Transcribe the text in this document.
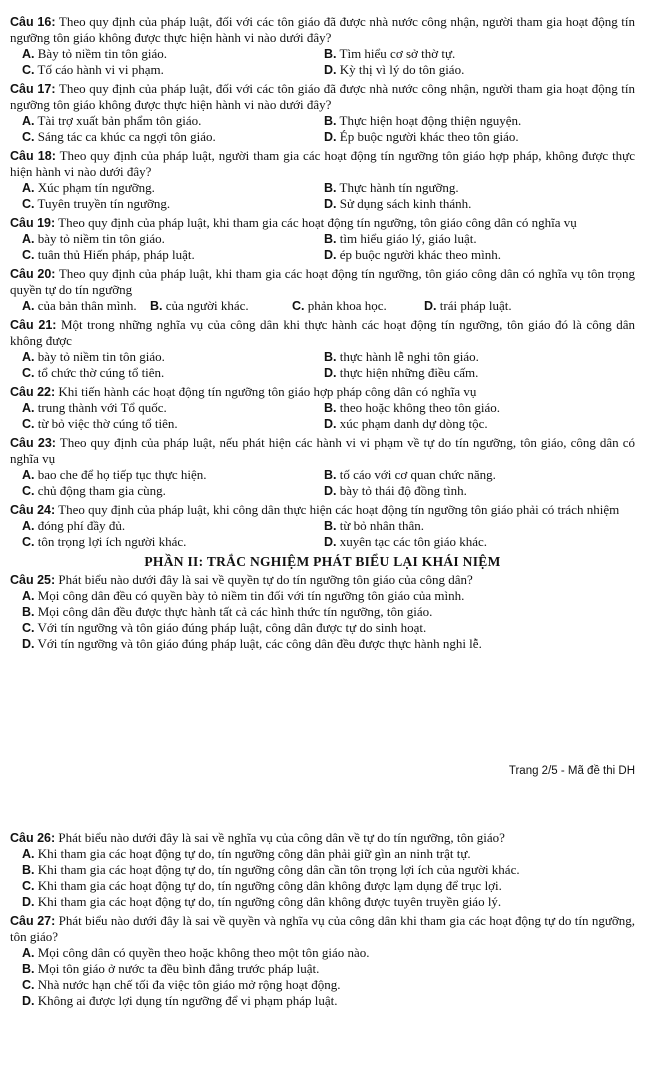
Câu 16: Theo quy định của pháp luật, đối với các tôn giáo đã được nhà nước công nhận, người tham gia hoạt động tín ngưỡng tôn giáo không được thực hiện hành vi nào dưới đây?

A. Bày tỏ niềm tin tôn giáo.	B. Tìm hiểu cơ sở thờ tự.
C. Tố cáo hành vi vi phạm.	D. Kỳ thị vì lý do tôn giáo.

Câu 17: Theo quy định của pháp luật, đối với các tôn giáo đã được nhà nước công nhận, người tham gia hoạt động tín ngưỡng tôn giáo không được thực hiện hành vi nào dưới đây?

A. Tài trợ xuất bản phẩm tôn giáo.	B. Thực hiện hoạt động thiện nguyện.
C. Sáng tác ca khúc ca ngợi tôn giáo.	D. Ép buộc người khác theo tôn giáo.

Câu 18: Theo quy định của pháp luật, người tham gia các hoạt động tín ngưỡng tôn giáo hợp pháp, không được thực hiện hành vi nào dưới đây?

A. Xúc phạm tín ngưỡng.	B. Thực hành tín ngưỡng.
C. Tuyên truyền tín ngưỡng.	D. Sử dụng sách kinh thánh.

Câu 19: Theo quy định của pháp luật, khi tham gia các hoạt động tín ngưỡng, tôn giáo công dân có nghĩa vụ

A. bày tỏ niềm tin tôn giáo.	B. tìm hiểu giáo lý, giáo luật.
C. tuân thủ Hiến pháp, pháp luật.	D. ép buộc người khác theo mình.

Câu 20: Theo quy định của pháp luật, khi tham gia các hoạt động tín ngưỡng, tôn giáo công dân có nghĩa vụ tôn trọng quyền tự do tín ngưỡng

A. của bản thân mình.	B. của người khác.	C. phản khoa học.	D. trái pháp luật.

Câu 21: Một trong những nghĩa vụ của công dân khi thực hành các hoạt động tín ngưỡng, tôn giáo đó là công dân không được

A. bày tỏ niềm tin tôn giáo.	B. thực hành lễ nghi tôn giáo.
C. tổ chức thờ cúng tổ tiên.	D. thực hiện những điều cấm.

Câu 22: Khi tiến hành các hoạt động tín ngưỡng tôn giáo hợp pháp công dân có nghĩa vụ

A. trung thành với Tổ quốc.	B. theo hoặc không theo tôn giáo.
C. từ bỏ việc thờ cúng tổ tiên.	D. xúc phạm danh dự dòng tộc.

Câu 23: Theo quy định của pháp luật, nếu phát hiện các hành vi vi phạm về tự do tín ngưỡng, tôn giáo, công dân có nghĩa vụ

A. bao che để họ tiếp tục thực hiện.	B. tố cáo với cơ quan chức năng.
C. chủ động tham gia cùng.	D. bày tỏ thái độ đồng tình.

Câu 24: Theo quy định của pháp luật, khi công dân thực hiện các hoạt động tín ngưỡng tôn giáo phải có trách nhiệm

A. đóng phí đầy đủ.	B. từ bỏ nhân thân.
C. tôn trọng lợi ích người khác.	D. xuyên tạc các tôn giáo khác.
PHẦN II: TRẮC NGHIỆM PHÁT BIỂU LẠI KHÁI NIỆM

Câu 25: Phát biểu nào dưới đây là sai về quyền tự do tín ngưỡng tôn giáo của công dân?

A. Mọi công dân đều có quyền bày tỏ niềm tin đối với tín ngưỡng tôn giáo của mình.
B. Mọi công dân đều được thực hành tất cả các hình thức tín ngưỡng, tôn giáo.
C. Với tín ngưỡng và tôn giáo đúng pháp luật, công dân được tự do sinh hoạt.
D. Với tín ngưỡng và tôn giáo đúng pháp luật, các công dân đều được thực hành nghi lễ.
Trang 2/5 - Mã đề thi DH

Câu 26: Phát biểu nào dưới đây là sai về nghĩa vụ của công dân về tự do tín ngưỡng, tôn giáo?

A. Khi tham gia các hoạt động tự do, tín ngưỡng công dân phải giữ gìn an ninh trật tự.
B. Khi tham gia các hoạt động tự do, tín ngưỡng công dân cần tôn trọng lợi ích của người khác.
C. Khi tham gia các hoạt động tự do, tín ngưỡng công dân không được lạm dụng để trục lợi.
D. Khi tham gia các hoạt động tự do, tín ngưỡng công dân không được tuyên truyền giáo lý.

Câu 27: Phát biểu nào dưới đây là sai về quyền và nghĩa vụ của công dân khi tham gia các hoạt động tự do tín ngưỡng, tôn giáo?

A. Mọi công dân có quyền theo hoặc không theo một tôn giáo nào.
B. Mọi tôn giáo ở nước ta đều bình đẳng trước pháp luật.
C. Nhà nước hạn chế tối đa việc tôn giáo mở rộng hoạt động.
D. Không ai được lợi dụng tín ngưỡng để vi phạm pháp luật.
